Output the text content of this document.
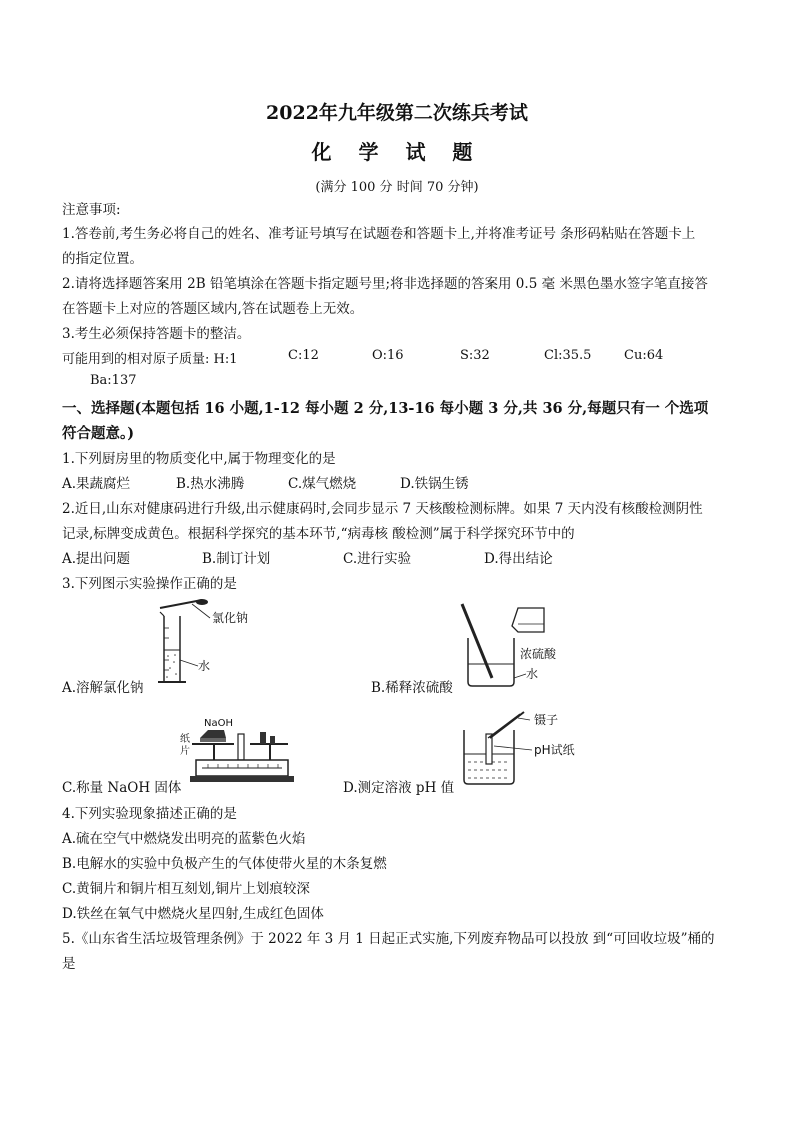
2022年九年级第二次练兵考试
化 学 试 题
(满分 100 分 时间 70 分钟)
注意事项:
1.答卷前,考生务必将自己的姓名、准考证号填写在试题卷和答题卡上,并将准考证号 条形码粘贴在答题卡上
的指定位置。
2.请将选择题答案用 2B 铅笔填涂在答题卡指定题号里;将非选择题的答案用 0.5 毫 米黑色墨水签字笔直接答
在答题卡上对应的答题区域内,答在试题卷上无效。
3.考生必须保持答题卡的整洁。
可能用到的相对原子质量: H:1	C:12	O:16	S:32	Cl:35.5	Cu:64
Ba:137
一、选择题(本题包括 16 小题,1-12 每小题 2 分,13-16 每小题 3 分,共 36 分,每题只有一 个选项
符合题意。)
1.下列厨房里的物质变化中,属于物理变化的是
A.果蔬腐烂	B.热水沸腾	C.煤气燃烧	D.铁锅生锈
2.近日,山东对健康码进行升级,出示健康码时,会同步显示 7 天核酸检测标牌。如果 7 天内没有核酸检测阴性
记录,标牌变成黄色。根据科学探究的基本环节,“病毒核 酸检测”属于科学探究环节中的
A.提出问题	B.制订计划	C.进行实验	D.得出结论
3.下列图示实验操作正确的是
氯化钠
水
A.溶解氯化钠
浓硫酸
水
B.稀释浓硫酸
NaOH
纸
片
C.称量 NaOH 固体
镊子
pH试纸
D.测定溶液 pH 值
4.下列实验现象描述正确的是
A.硫在空气中燃烧发出明亮的蓝紫色火焰
B.电解水的实验中负极产生的气体使带火星的木条复燃
C.黄铜片和铜片相互刻划,铜片上划痕较深
D.铁丝在氧气中燃烧火星四射,生成红色固体
5.《山东省生活垃圾管理条例》于 2022 年 3 月 1 日起正式实施,下列废弃物品可以投放 到“可回收垃圾”桶的
是
